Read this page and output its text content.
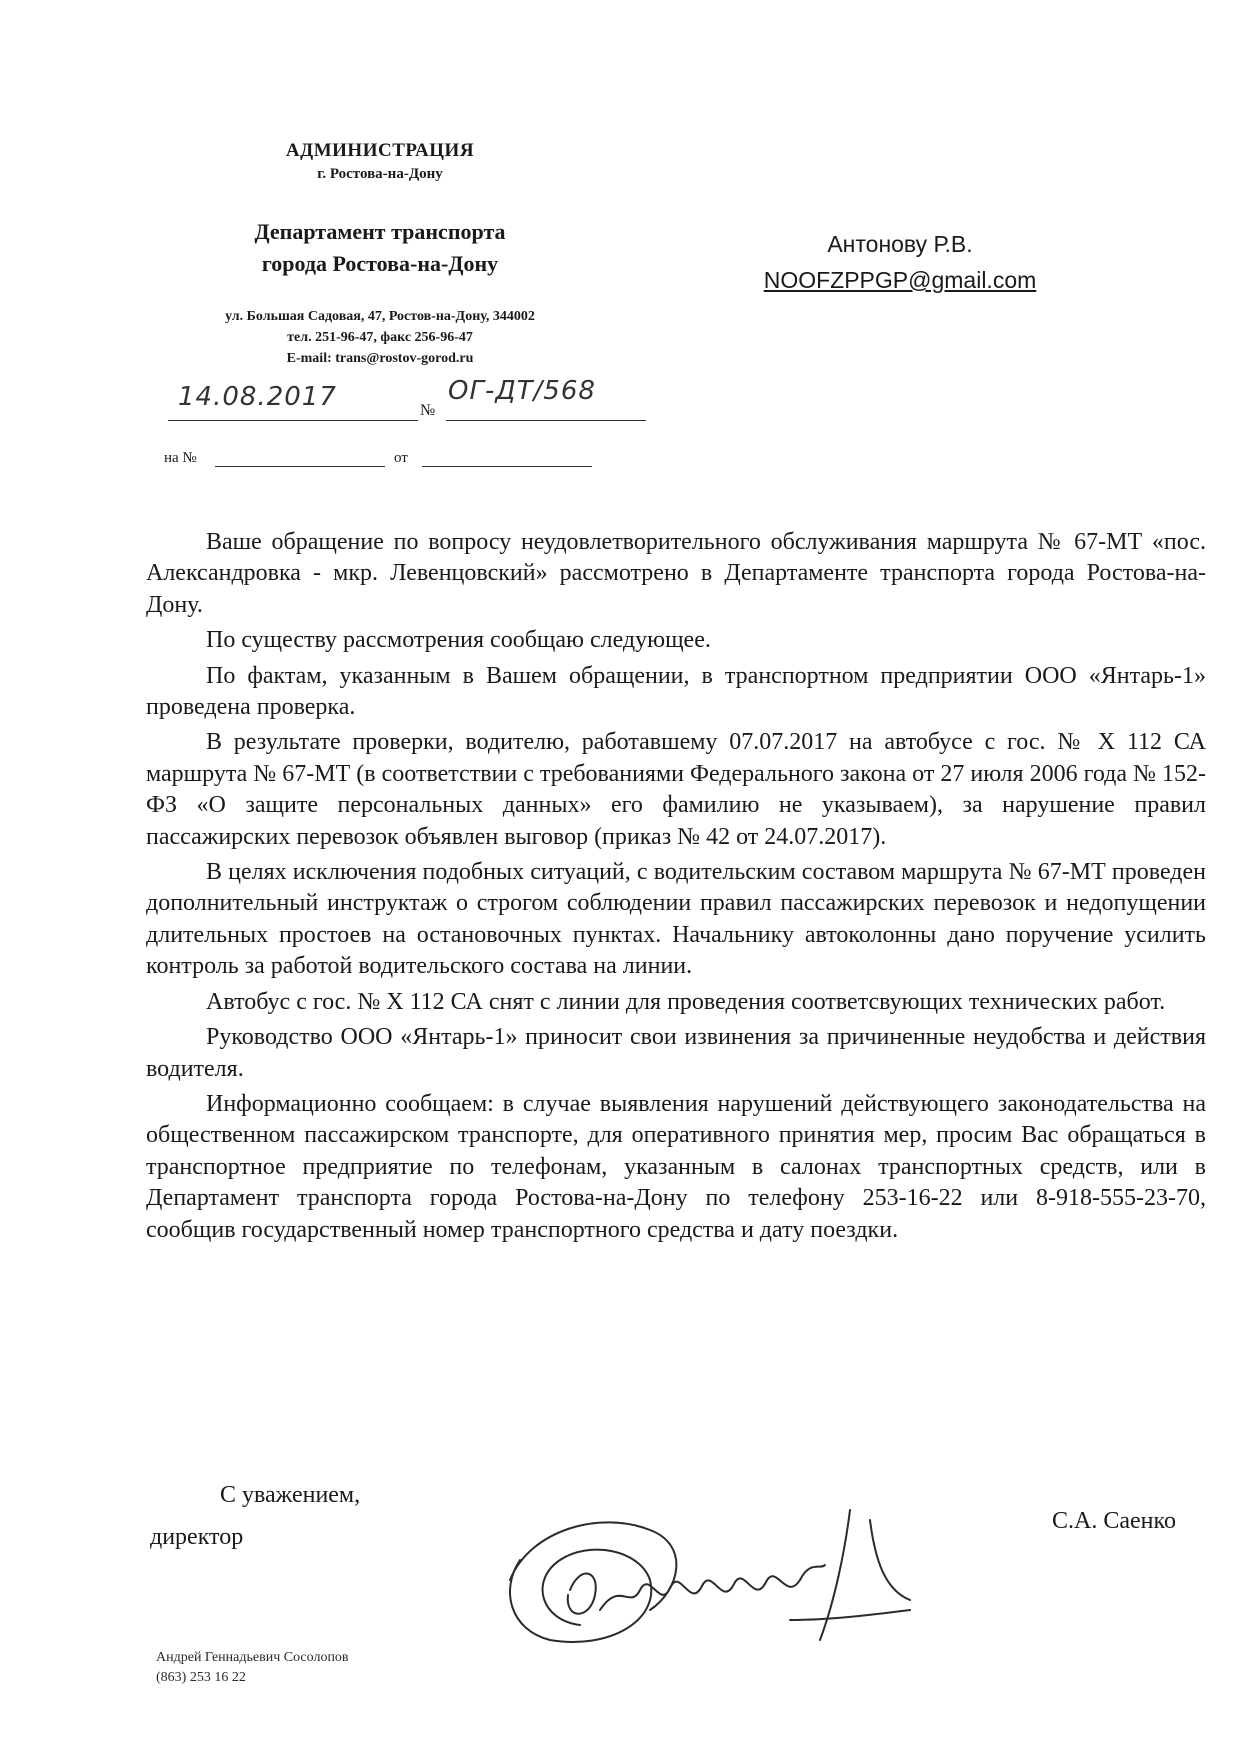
АДМИНИСТРАЦИЯ
г. Ростова-на-Дону
Департамент транспорта
города Ростова-на-Дону
ул. Большая Садовая, 47, Ростов-на-Дону, 344002
тел. 251-96-47, факс 256-96-47
E-mail: trans@rostov-gorod.ru
Антонову Р.В.
NOOFZPPGP@gmail.com
14.08.2017	№
ОГ-ДТ/568
на №	от

Ваше обращение по вопросу неудовлетворительного обслуживания маршрута № 67-МТ «пос. Александровка - мкр. Левенцовский» рассмотрено в Департаменте транспорта города Ростова-на-Дону.

По существу рассмотрения сообщаю следующее.

По фактам, указанным в Вашем обращении, в транспортном предприятии ООО «Янтарь-1» проведена проверка.

В результате проверки, водителю, работавшему 07.07.2017 на автобусе с гос. № Х 112 СА маршрута № 67-МТ (в соответствии с требованиями Федерального закона от 27 июля 2006 года № 152-ФЗ «О защите персональных данных» его фамилию не указываем), за нарушение правил пассажирских перевозок объявлен выговор (приказ № 42 от 24.07.2017).

В целях исключения подобных ситуаций, с водительским составом маршрута № 67-МТ проведен дополнительный инструктаж о строгом соблюдении правил пассажирских перевозок и недопущении длительных простоев на остановочных пунктах. Начальнику автоколонны дано поручение усилить контроль за работой водительского состава на линии.

Автобус с гос. № Х 112 СА снят с линии для проведения соответсвующих технических работ.

Руководство ООО «Янтарь-1» приносит свои извинения за причиненные неудобства и действия водителя.

Информационно сообщаем: в случае выявления нарушений действующего законодательства на общественном пассажирском транспорте, для оперативного принятия мер, просим Вас обращаться в транспортное предприятие по телефонам, указанным в салонах транспортных средств, или в Департамент транспорта города Ростова-на-Дону по телефону 253-16-22 или 8-918-555-23-70, сообщив государственный номер транспортного средства и дату поездки.

С уважением,
директор
С.А. Саенко
Андрей Геннадьевич Сосолопов
(863) 253 16 22
